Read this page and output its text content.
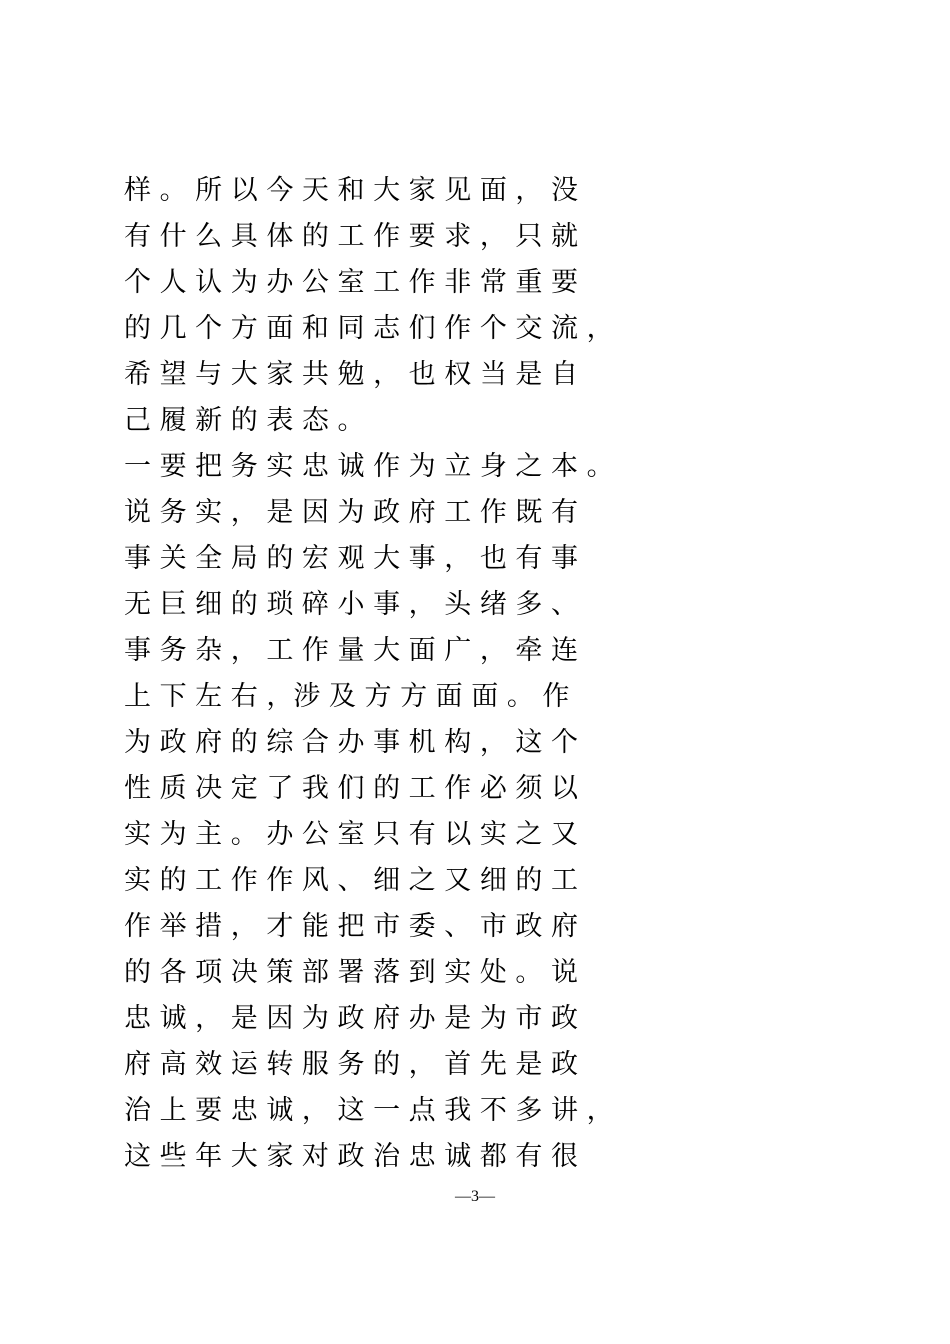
样 。 所 以 今 天 和 大 家 见 面 ， 没

有 什 么 具 体 的 工 作 要 求 ， 只 就

个 人 认 为 办 公 室 工 作 非 常 重 要

的 几 个 方 面 和 同 志 们 作 个 交 流 ，

希 望 与 大 家 共 勉 ， 也 权 当 是 自

己 履 新 的 表 态 。

一 要 把 务 实 忠 诚 作 为 立 身 之 本 。

说 务 实 ， 是 因 为 政 府 工 作 既 有

事 关 全 局 的 宏 观 大 事 ， 也 有 事

无 巨 细 的 琐 碎 小 事 ， 头 绪 多 、

事 务 杂 ， 工 作 量 大 面 广 ， 牵 连

上 下 左 右 ，涉 及 方 方 面 面 。 作

为 政 府 的 综 合 办 事 机 构 ， 这 个

性 质 决 定 了 我 们 的 工 作 必 须 以

实 为 主 。 办 公 室 只 有 以 实 之 又

实 的 工 作 作 风 、 细 之 又 细 的 工

作 举 措 ， 才 能 把 市 委 、 市 政 府

的 各 项 决 策 部 署 落 到 实 处 。 说

忠 诚 ， 是 因 为 政 府 办 是 为 市 政

府 高 效 运 转 服 务 的 ， 首 先 是 政

治 上 要 忠 诚 ， 这 一 点 我 不 多 讲 ，

这 些 年 大 家 对 政 治 忠 诚 都 有 很

—3—
